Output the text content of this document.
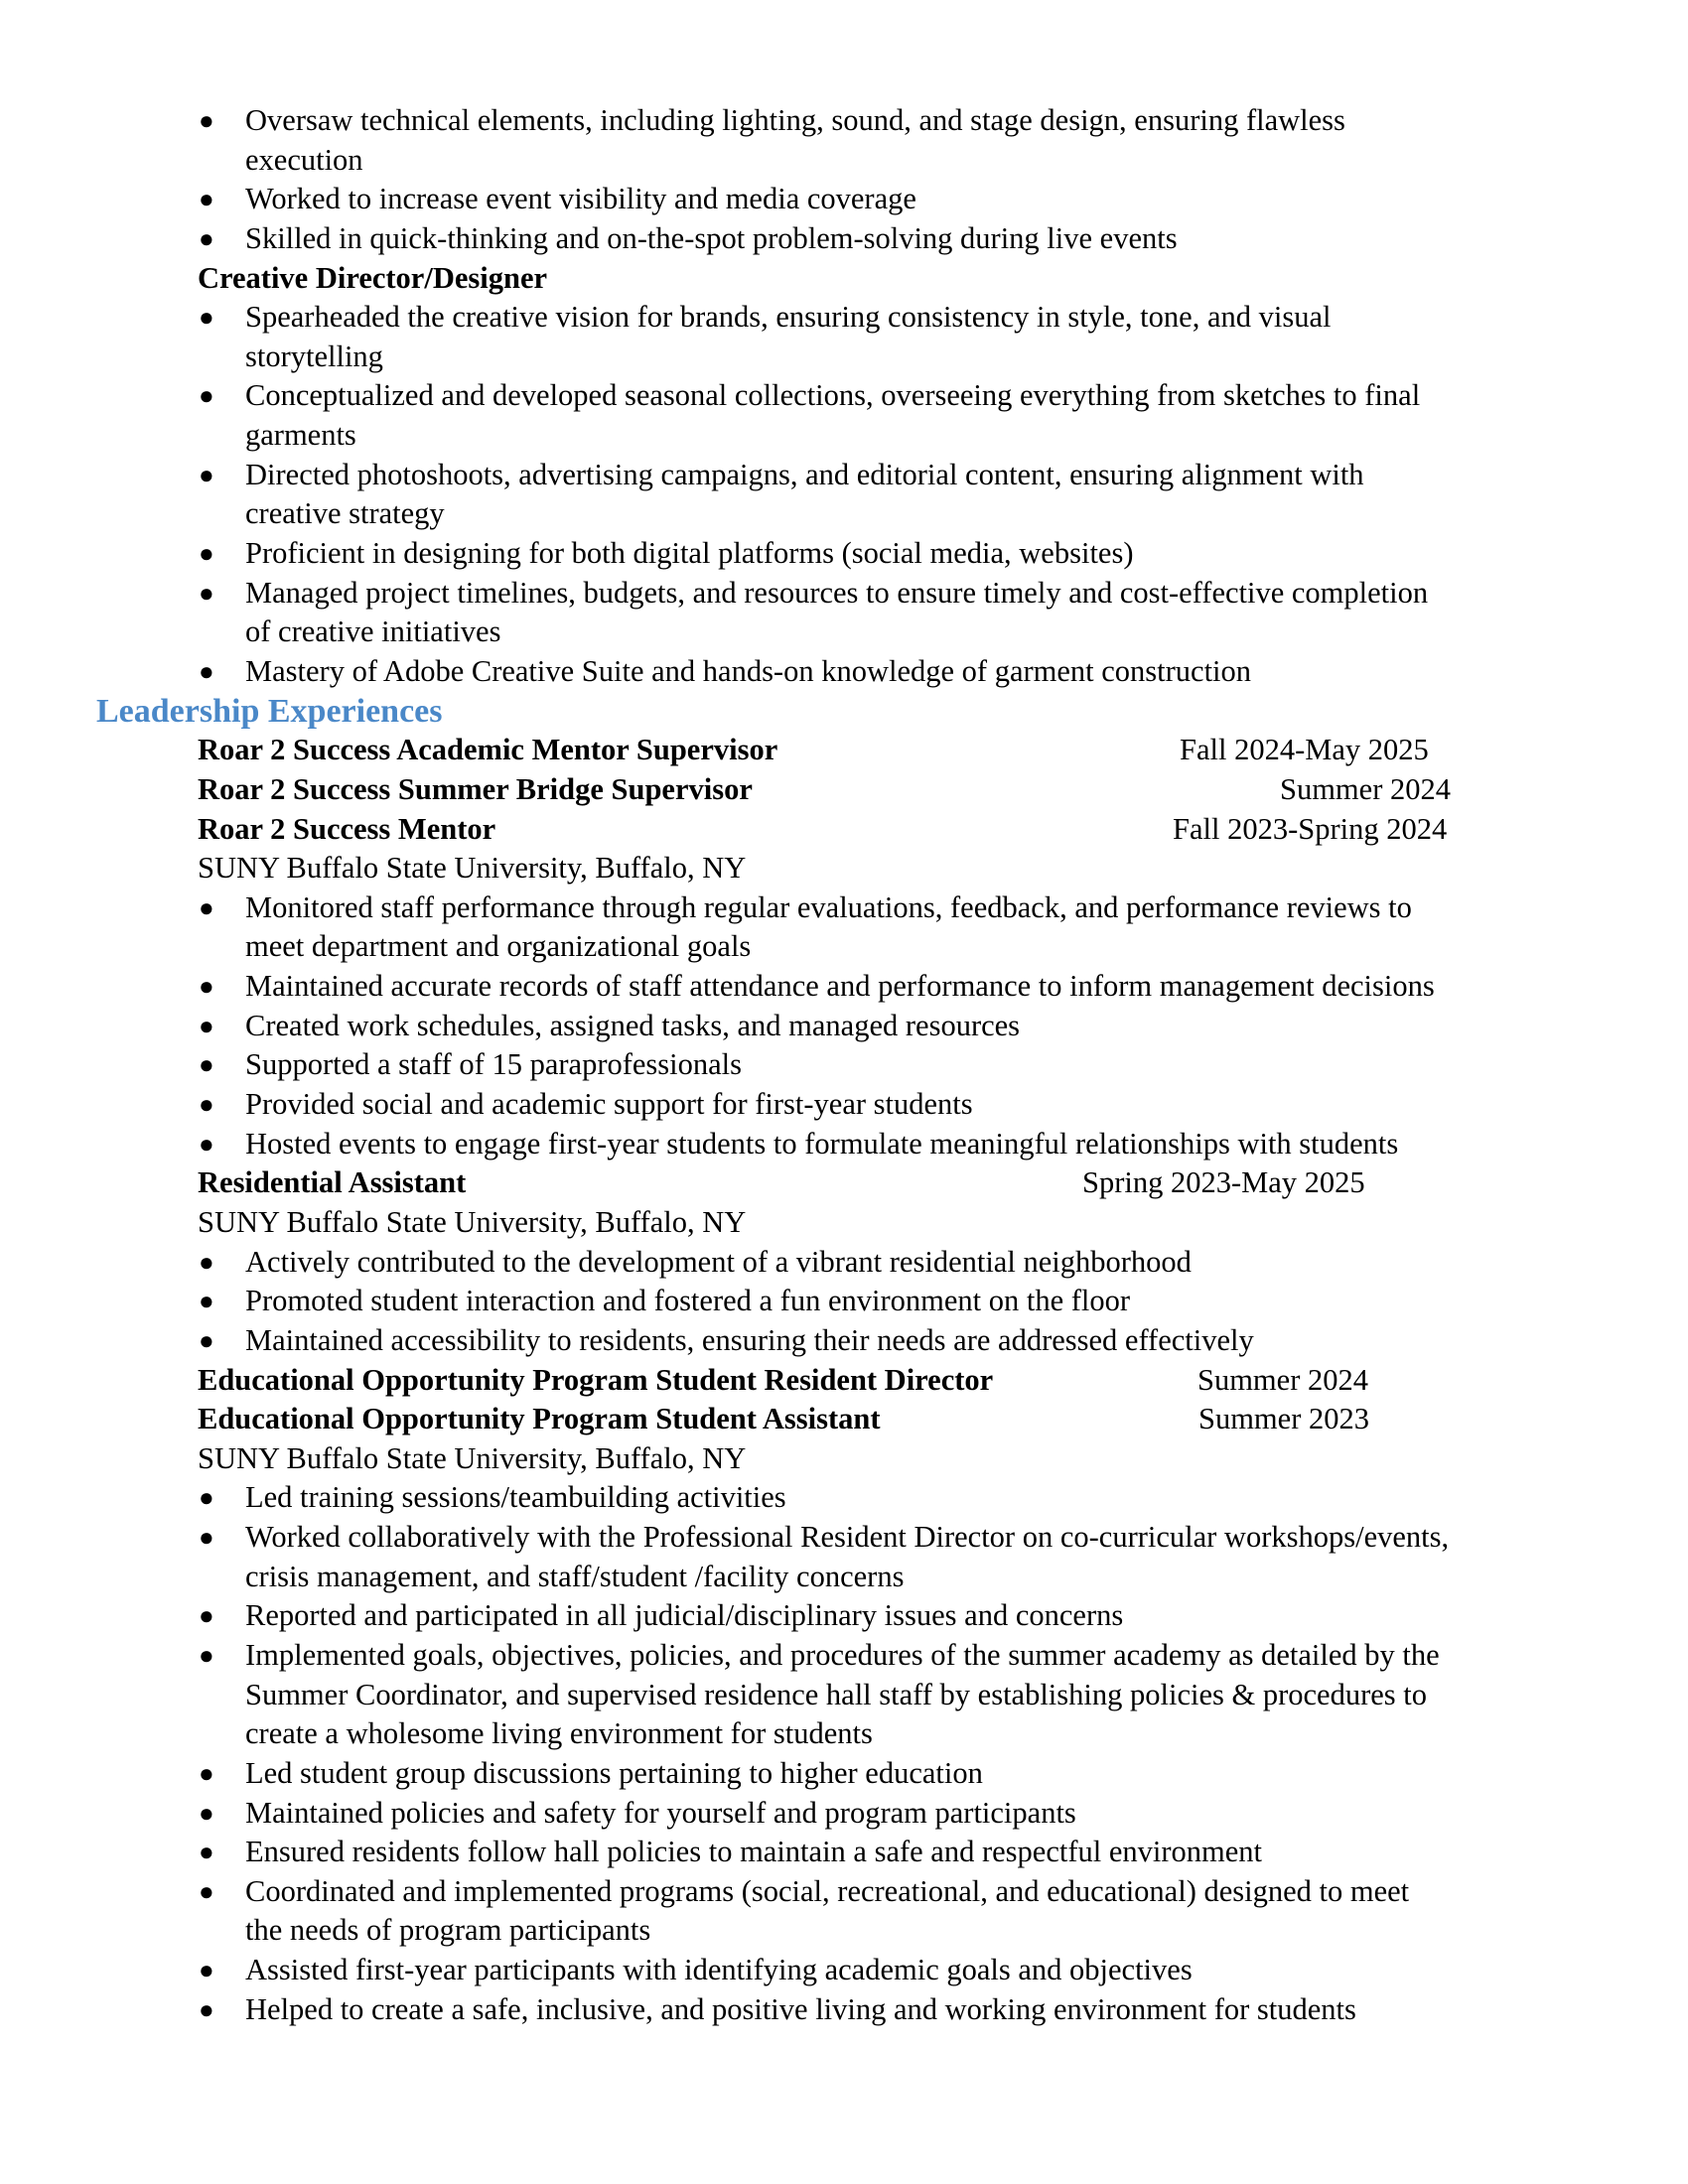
● Oversaw technical elements, including lighting, sound, and stage design, ensuring flawless
execution
● Worked to increase event visibility and media coverage
● Skilled in quick-thinking and on-the-spot problem-solving during live events
Creative Director/Designer
● Spearheaded the creative vision for brands, ensuring consistency in style, tone, and visual
storytelling
● Conceptualized and developed seasonal collections, overseeing everything from sketches to final
garments
● Directed photoshoots, advertising campaigns, and editorial content, ensuring alignment with
creative strategy
● Proficient in designing for both digital platforms (social media, websites)
● Managed project timelines, budgets, and resources to ensure timely and cost-effective completion
of creative initiatives
● Mastery of Adobe Creative Suite and hands-on knowledge of garment construction
Leadership Experiences
Roar 2 Success Academic Mentor Supervisor	Fall 2024-May 2025
Roar 2 Success Summer Bridge Supervisor	Summer 2024
Roar 2 Success Mentor	Fall 2023-Spring 2024
SUNY Buffalo State University, Buffalo, NY
● Monitored staff performance through regular evaluations, feedback, and performance reviews to
meet department and organizational goals
● Maintained accurate records of staff attendance and performance to inform management decisions
● Created work schedules, assigned tasks, and managed resources
● Supported a staff of 15 paraprofessionals
● Provided social and academic support for first-year students
● Hosted events to engage first-year students to formulate meaningful relationships with students
Residential Assistant	Spring 2023-May 2025
SUNY Buffalo State University, Buffalo, NY
● Actively contributed to the development of a vibrant residential neighborhood
● Promoted student interaction and fostered a fun environment on the floor
● Maintained accessibility to residents, ensuring their needs are addressed effectively
Educational Opportunity Program Student Resident Director	Summer 2024
Educational Opportunity Program Student Assistant	Summer 2023
SUNY Buffalo State University, Buffalo, NY
● Led training sessions/teambuilding activities
● Worked collaboratively with the Professional Resident Director on co-curricular workshops/events,
crisis management, and staff/student /facility concerns
● Reported and participated in all judicial/disciplinary issues and concerns
● Implemented goals, objectives, policies, and procedures of the summer academy as detailed by the
Summer Coordinator, and supervised residence hall staff by establishing policies & procedures to
create a wholesome living environment for students
● Led student group discussions pertaining to higher education
● Maintained policies and safety for yourself and program participants
● Ensured residents follow hall policies to maintain a safe and respectful environment
● Coordinated and implemented programs (social, recreational, and educational) designed to meet
the needs of program participants
● Assisted first-year participants with identifying academic goals and objectives
● Helped to create a safe, inclusive, and positive living and working environment for students
